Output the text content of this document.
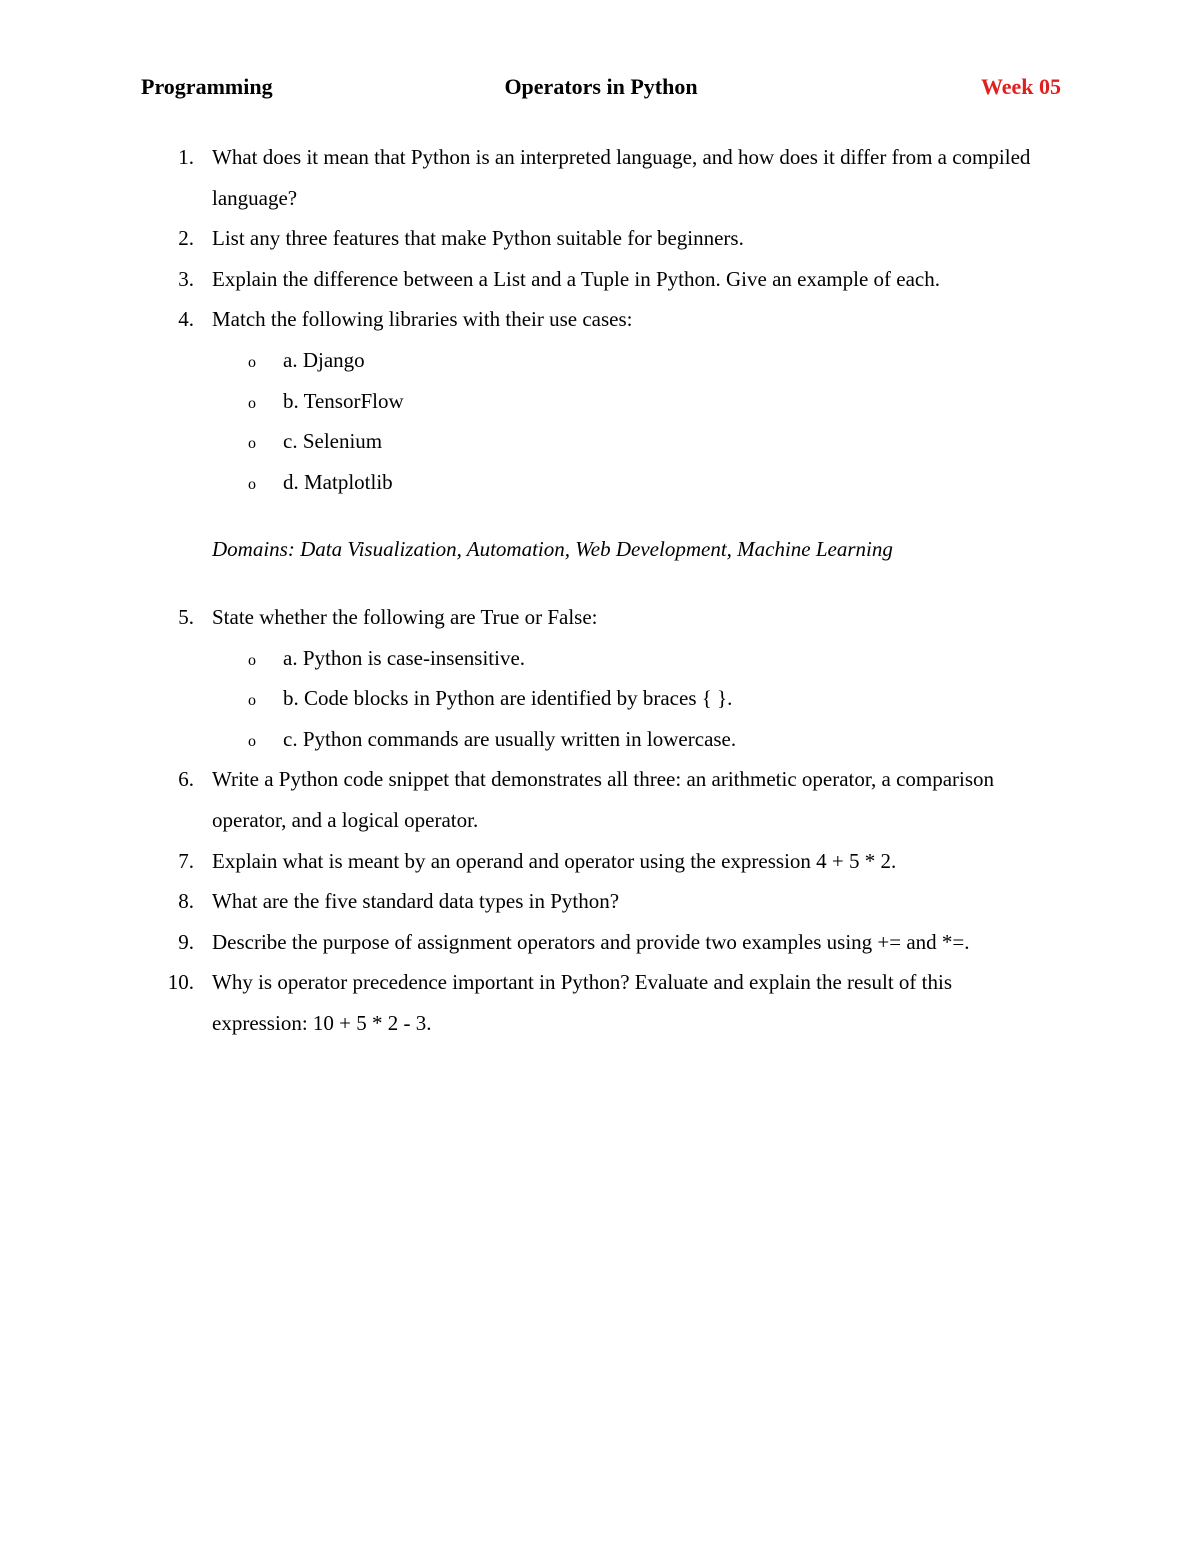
Programming	Operators in Python	Week 05
1. What does it mean that Python is an interpreted language, and how does it differ from a compiled language?
2. List any three features that make Python suitable for beginners.
3. Explain the difference between a List and a Tuple in Python. Give an example of each.
4. Match the following libraries with their use cases:
o a. Django
o b. TensorFlow
o c. Selenium
o d. Matplotlib
Domains: Data Visualization, Automation, Web Development, Machine Learning
5. State whether the following are True or False:
o a. Python is case-insensitive.
o b. Code blocks in Python are identified by braces { }.
o c. Python commands are usually written in lowercase.
6. Write a Python code snippet that demonstrates all three: an arithmetic operator, a comparison operator, and a logical operator.
7. Explain what is meant by an operand and operator using the expression 4 + 5 * 2.
8. What are the five standard data types in Python?
9. Describe the purpose of assignment operators and provide two examples using += and *=.
10. Why is operator precedence important in Python? Evaluate and explain the result of this expression: 10 + 5 * 2 - 3.
